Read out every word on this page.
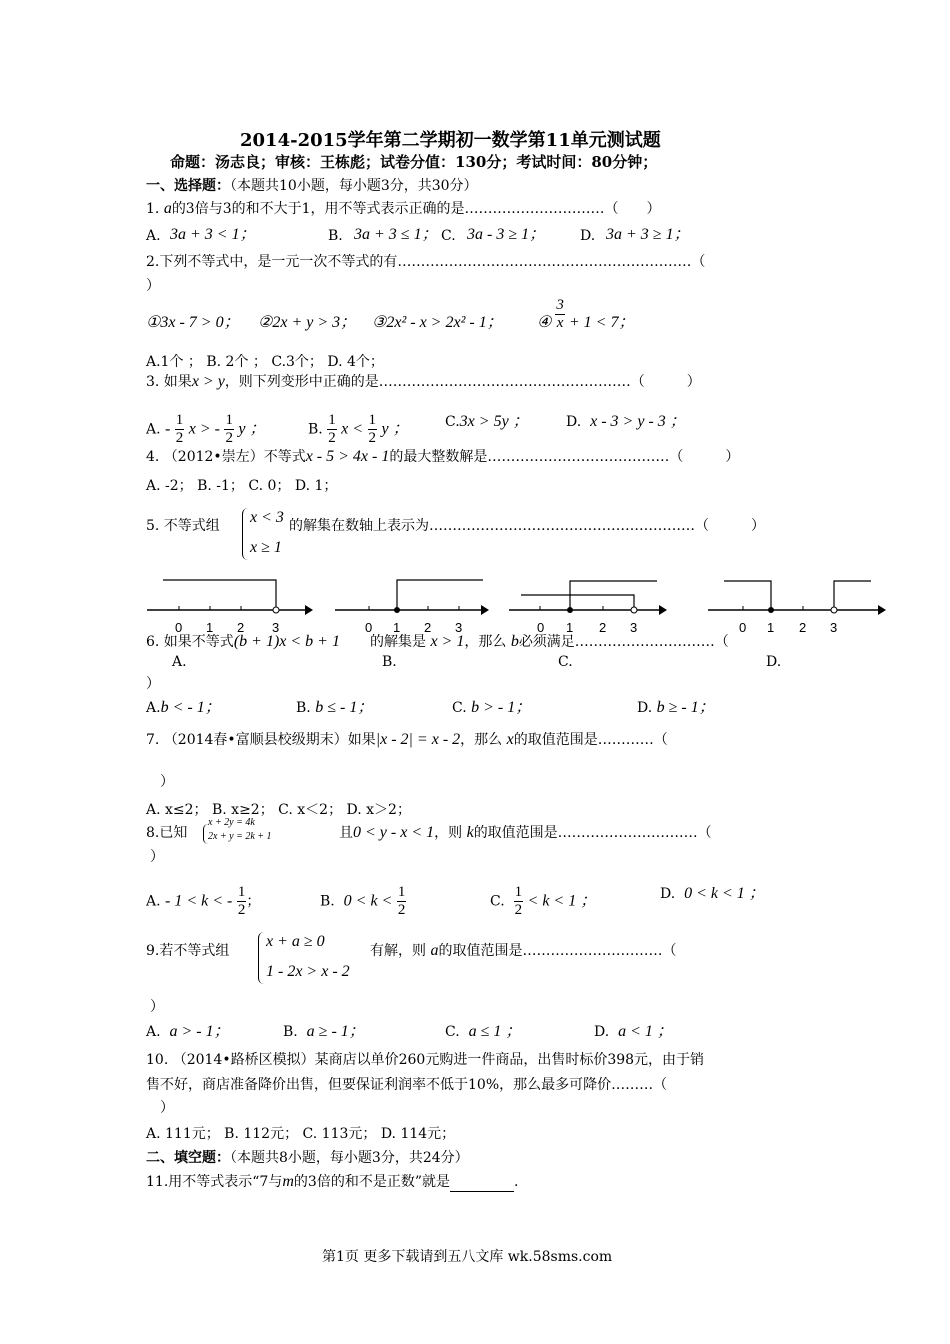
2014-2015学年第二学期初一数学第11单元测试题
命题：汤志良；审核：王栋彪；试卷分值：130分；考试时间：80分钟；
一、选择题：（本题共10小题，每小题3分，共30分）
1. a的3倍与3的和不大于1，用不等式表示正确的是…………………………（　　）
A. 3a + 3 < 1；	B. 3a + 3 ≤ 1； C. 3a - 3 ≥ 1； D. 3a + 3 ≥ 1；
2.下列不等式中，是一元一次不等式的有………………………………………………………（
）
①3x - 7 > 0； ②2x + y > 3； ③2x² - x > 2x² - 1； ④ $\frac{3}{x} + 1 < 7$；
A.1个 ； B. 2个 ； C.3个； D. 4个；
3. 如果x > y，则下列变形中正确的是………………………………………………（　　　）
A. - $\frac{1}{2}$ x > - $\frac{1}{2}$ y ；	B. $\frac{1}{2}$ $x < \frac{1}{2}$ y ；	C.3x > 5y ；	D. x - 3 > y - 3 ；
4. （2012•崇左）不等式x - 5 > 4x - 1的最大整数解是…………………………………（　　　）
A. -2； B. -1； C. 0； D. 1；
5. 不等式组 x < 3
x ≥ 1
的解集在数轴上表示为…………………………………………………（　　　）
0 1 2 3	0 1 2 3	0 1 2 3	0 1 2 3
6. 如果不等式(b + 1)x < b + 1 的解集是 x > 1，那么 b必须满足…………………………（
A.	B.	C.	D.
）
A.b < - 1；	B. b ≤ - 1；	C. b > - 1；	D. b ≥ - 1；
7. （2014春•富顺县校级期末）如果|x - 2| = x - 2，那么 x的取值范围是…………（
）
A. x≤2； B. x≥2； C. x＜2； D. x＞2；
8.已知
x + 2y = 4k
2x + y = 2k + 1	且0 < y - x < 1，则 k的取值范围是…………………………（
）
A. - 1 < k < - $\frac{1}{2}$ ；	B. $0 < k < \frac{1}{2}$	C. $\frac{1}{2} < k < 1$ ；	D. 0 < k < 1 ；
9.若不等式组
x + a ≥ 0
1 - 2x > x - 2
有解，则 a的取值范围是…………………………（
）
A. a > - 1；	B. a ≥ - 1；	C. a ≤ 1 ；	D. a < 1 ；
10. （2014•路桥区模拟）某商店以单价260元购进一件商品，出售时标价398元，由于销
售不好，商店准备降价出售，但要保证利润率不低于10%，那么最多可降价………（
）
A. 111元； B. 112元； C. 113元； D. 114元；
二、填空题：（本题共8小题，每小题3分，共24分）
11.用不等式表示“7与m的3倍的和不是正数”就是	.
第1页 更多下载请到五八文库 wk.58sms.com
